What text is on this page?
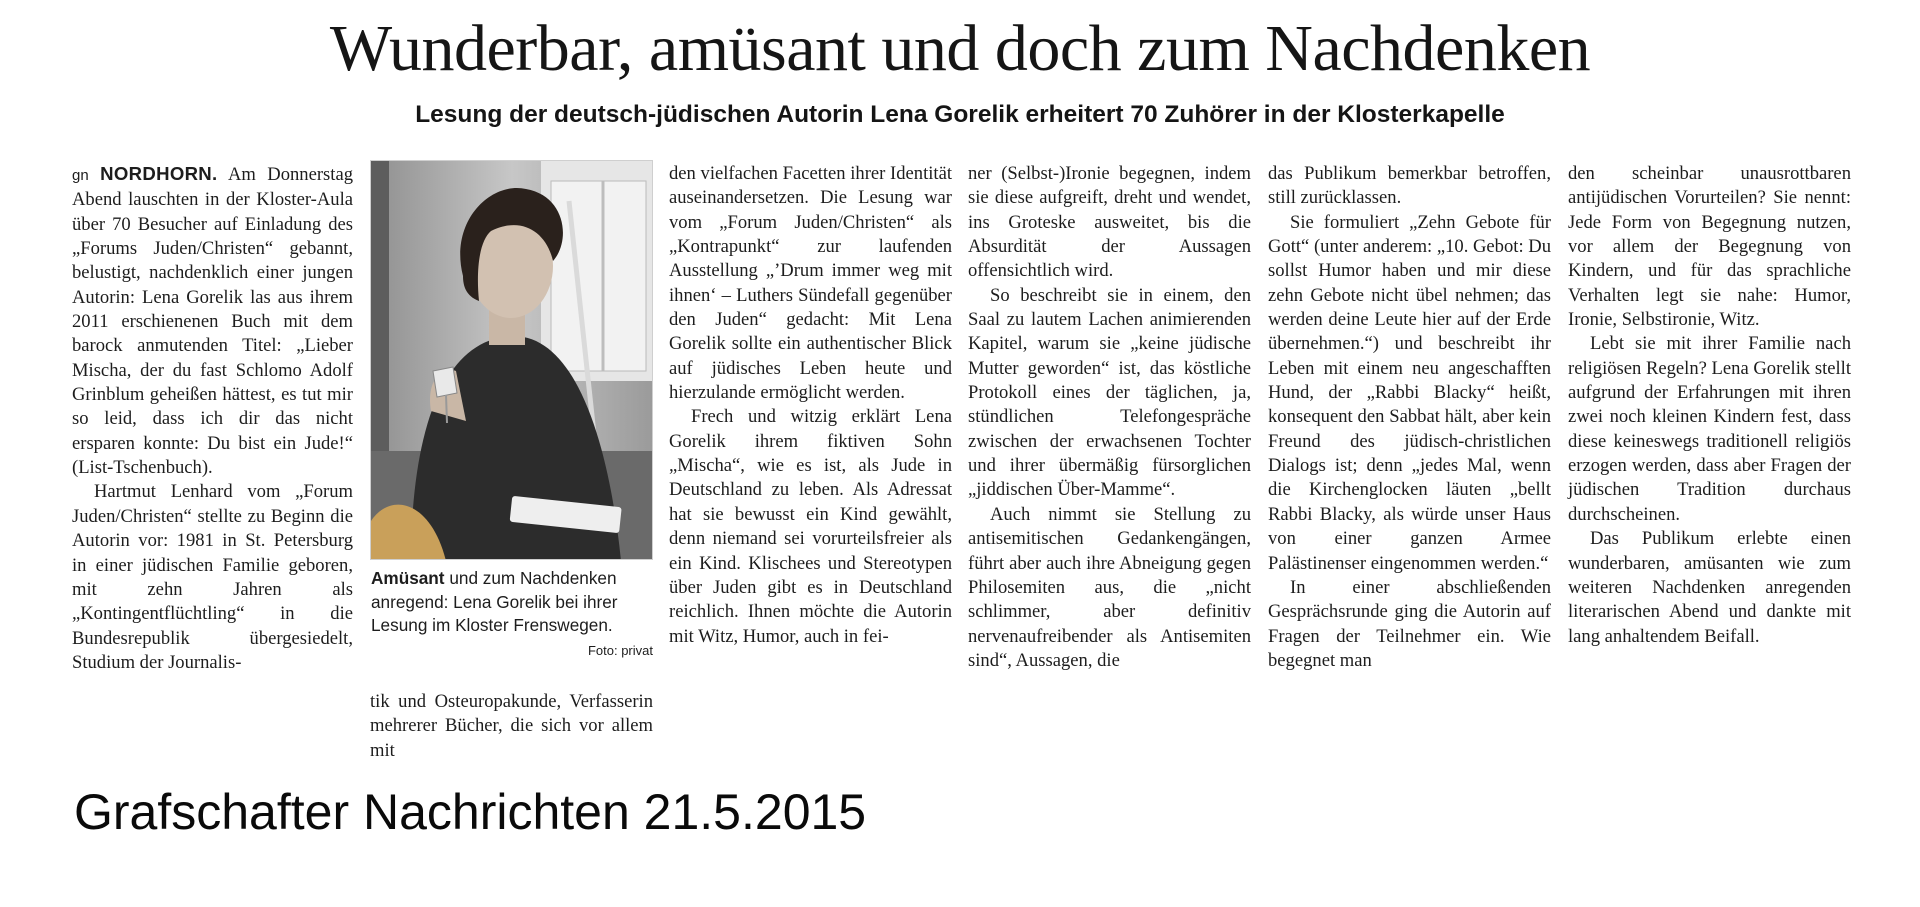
Wunderbar, amüsant und doch zum Nachdenken
Lesung der deutsch-jüdischen Autorin Lena Gorelik erheitert 70 Zuhörer in der Klosterkapelle

gn NORDHORN. Am Donnerstag Abend lauschten in der Kloster-Aula über 70 Besucher auf Einladung des „Forums Juden/Christen“ gebannt, belustigt, nachdenklich einer jungen Autorin: Lena Gorelik las aus ihrem 2011 erschienenen Buch mit dem barock anmutenden Titel: „Lieber Mischa, der du fast Schlomo Adolf Grinblum geheißen hättest, es tut mir so leid, dass ich dir das nicht ersparen konnte: Du bist ein Jude!“ (List-Tschenbuch).

Hartmut Lenhard vom „Forum Juden/Christen“ stellte zu Beginn die Autorin vor: 1981 in St. Petersburg in einer jüdischen Familie geboren, mit zehn Jahren als „Kontingentflüchtling“ in die Bundesrepublik übergesiedelt, Studium der Journalis-

Amüsant und zum Nachdenken anregend: Lena Gorelik bei ihrer Lesung im Kloster Frenswegen.
Foto: privat
tik und Osteuropakunde, Verfasserin mehrerer Bücher, die sich vor allem mit

den vielfachen Facetten ihrer Identität auseinandersetzen. Die Lesung war vom „Forum Juden/Christen“ als „Kontrapunkt“ zur laufenden Ausstellung „’Drum immer weg mit ihnen‘ – Luthers Sündefall gegenüber den Juden“ gedacht: Mit Lena Gorelik sollte ein authentischer Blick auf jüdisches Leben heute und hierzulande ermöglicht werden.

Frech und witzig erklärt Lena Gorelik ihrem fiktiven Sohn „Mischa“, wie es ist, als Jude in Deutschland zu leben. Als Adressat hat sie bewusst ein Kind gewählt, denn niemand sei vorurteilsfreier als ein Kind. Klischees und Stereotypen über Juden gibt es in Deutschland reichlich. Ihnen möchte die Autorin mit Witz, Humor, auch in fei-

ner (Selbst-)Ironie begegnen, indem sie diese aufgreift, dreht und wendet, ins Groteske ausweitet, bis die Absurdität der Aussagen offensichtlich wird.

So beschreibt sie in einem, den Saal zu lautem Lachen animierenden Kapitel, warum sie „keine jüdische Mutter geworden“ ist, das köstliche Protokoll eines der täglichen, ja, stündlichen Telefongespräche zwischen der erwachsenen Tochter und ihrer übermäßig fürsorglichen „jiddischen Über-Mamme“.

Auch nimmt sie Stellung zu antisemitischen Gedankengängen, führt aber auch ihre Abneigung gegen Philosemiten aus, die „nicht schlimmer, aber definitiv nervenaufreibender als Antisemiten sind“, Aussagen, die

das Publikum bemerkbar betroffen, still zurücklassen.

Sie formuliert „Zehn Gebote für Gott“ (unter anderem: „10. Gebot: Du sollst Humor haben und mir diese zehn Gebote nicht übel nehmen; das werden deine Leute hier auf der Erde übernehmen.“) und beschreibt ihr Leben mit einem neu angeschafften Hund, der „Rabbi Blacky“ heißt, konsequent den Sabbat hält, aber kein Freund des jüdisch-christlichen Dialogs ist; denn „jedes Mal, wenn die Kirchenglocken läuten „bellt Rabbi Blacky, als würde unser Haus von einer ganzen Armee Palästinenser eingenommen werden.“

In einer abschließenden Gesprächsrunde ging die Autorin auf Fragen der Teilnehmer ein. Wie begegnet man

den scheinbar unausrottbaren antijüdischen Vorurteilen? Sie nennt: Jede Form von Begegnung nutzen, vor allem der Begegnung von Kindern, und für das sprachliche Verhalten legt sie nahe: Humor, Ironie, Selbstironie, Witz.

Lebt sie mit ihrer Familie nach religiösen Regeln? Lena Gorelik stellt aufgrund der Erfahrungen mit ihren zwei noch kleinen Kindern fest, dass diese keineswegs traditionell religiös erzogen werden, dass aber Fragen der jüdischen Tradition durchaus durchscheinen.

Das Publikum erlebte einen wunderbaren, amüsanten wie zum weiteren Nachdenken anregenden literarischen Abend und dankte mit lang anhaltendem Beifall.

Grafschafter Nachrichten 21.5.2015
